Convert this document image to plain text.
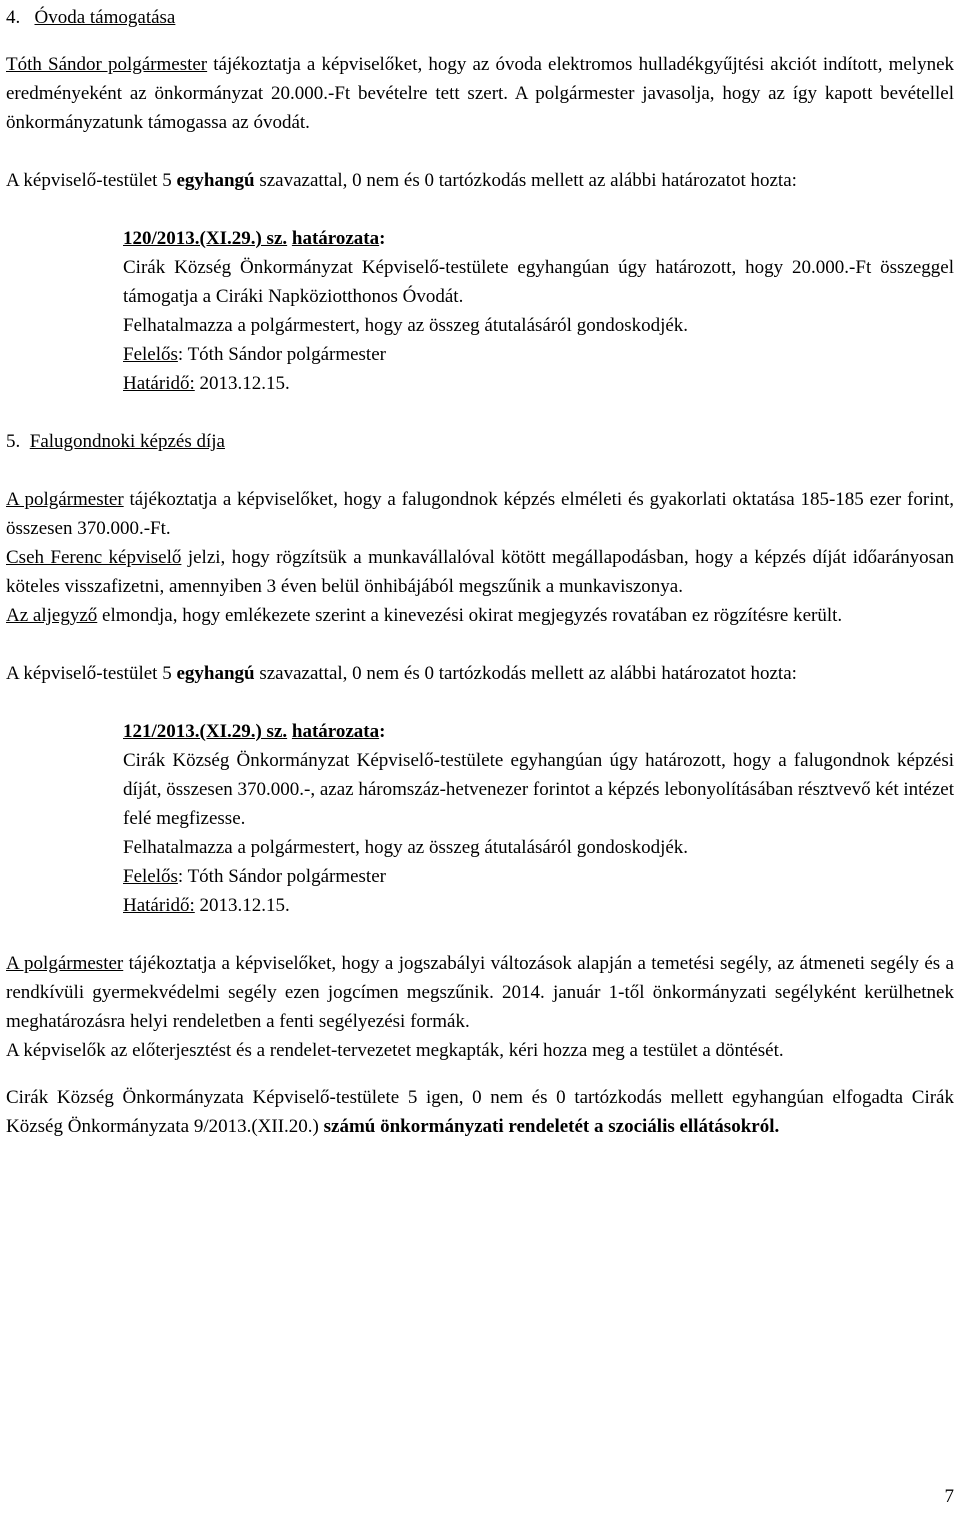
4. Óvoda támogatása

Tóth Sándor polgármester tájékoztatja a képviselőket, hogy az óvoda elektromos hulladékgyűjtési akciót indított, melynek eredményeként az önkormányzat 20.000.-Ft bevételre tett szert. A polgármester javasolja, hogy az így kapott bevétellel önkormányzatunk támogassa az óvodát.

A képviselő-testület 5 egyhangú szavazattal, 0 nem és 0 tartózkodás mellett az alábbi határozatot hozta:

120/2013.(XI.29.) sz. határozata:

Cirák Község Önkormányzat Képviselő-testülete egyhangúan úgy határozott, hogy 20.000.-Ft összeggel támogatja a Ciráki Napköziotthonos Óvodát.

Felhatalmazza a polgármestert, hogy az összeg átutalásáról gondoskodjék.

Felelős: Tóth Sándor polgármester

Határidő: 2013.12.15.

5. Falugondnoki képzés díja

A polgármester tájékoztatja a képviselőket, hogy a falugondnok képzés elméleti és gyakorlati oktatása 185-185 ezer forint, összesen 370.000.-Ft.

Cseh Ferenc képviselő jelzi, hogy rögzítsük a munkavállalóval kötött megállapodásban, hogy a képzés díját időarányosan köteles visszafizetni, amennyiben 3 éven belül önhibájából megszűnik a munkaviszonya.

Az aljegyző elmondja, hogy emlékezete szerint a kinevezési okirat megjegyzés rovatában ez rögzítésre került.

A képviselő-testület 5 egyhangú szavazattal, 0 nem és 0 tartózkodás mellett az alábbi határozatot hozta:

121/2013.(XI.29.) sz. határozata:

Cirák Község Önkormányzat Képviselő-testülete egyhangúan úgy határozott, hogy a falugondnok képzési díját, összesen 370.000.-, azaz háromszáz-hetvenezer forintot a képzés lebonyolításában résztvevő két intézet felé megfizesse.

Felhatalmazza a polgármestert, hogy az összeg átutalásáról gondoskodjék.

Felelős: Tóth Sándor polgármester

Határidő: 2013.12.15.

A polgármester tájékoztatja a képviselőket, hogy a jogszabályi változások alapján a temetési segély, az átmeneti segély és a rendkívüli gyermekvédelmi segély ezen jogcímen megszűnik. 2014. január 1-től önkormányzati segélyként kerülhetnek meghatározásra helyi rendeletben a fenti segélyezési formák.

A képviselők az előterjesztést és a rendelet-tervezetet megkapták, kéri hozza meg a testület a döntését.

Cirák Község Önkormányzata Képviselő-testülete 5 igen, 0 nem és 0 tartózkodás mellett egyhangúan elfogadta Cirák Község Önkormányzata 9/2013.(XII.20.) számú önkormányzati rendeletét a szociális ellátásokról.

7
